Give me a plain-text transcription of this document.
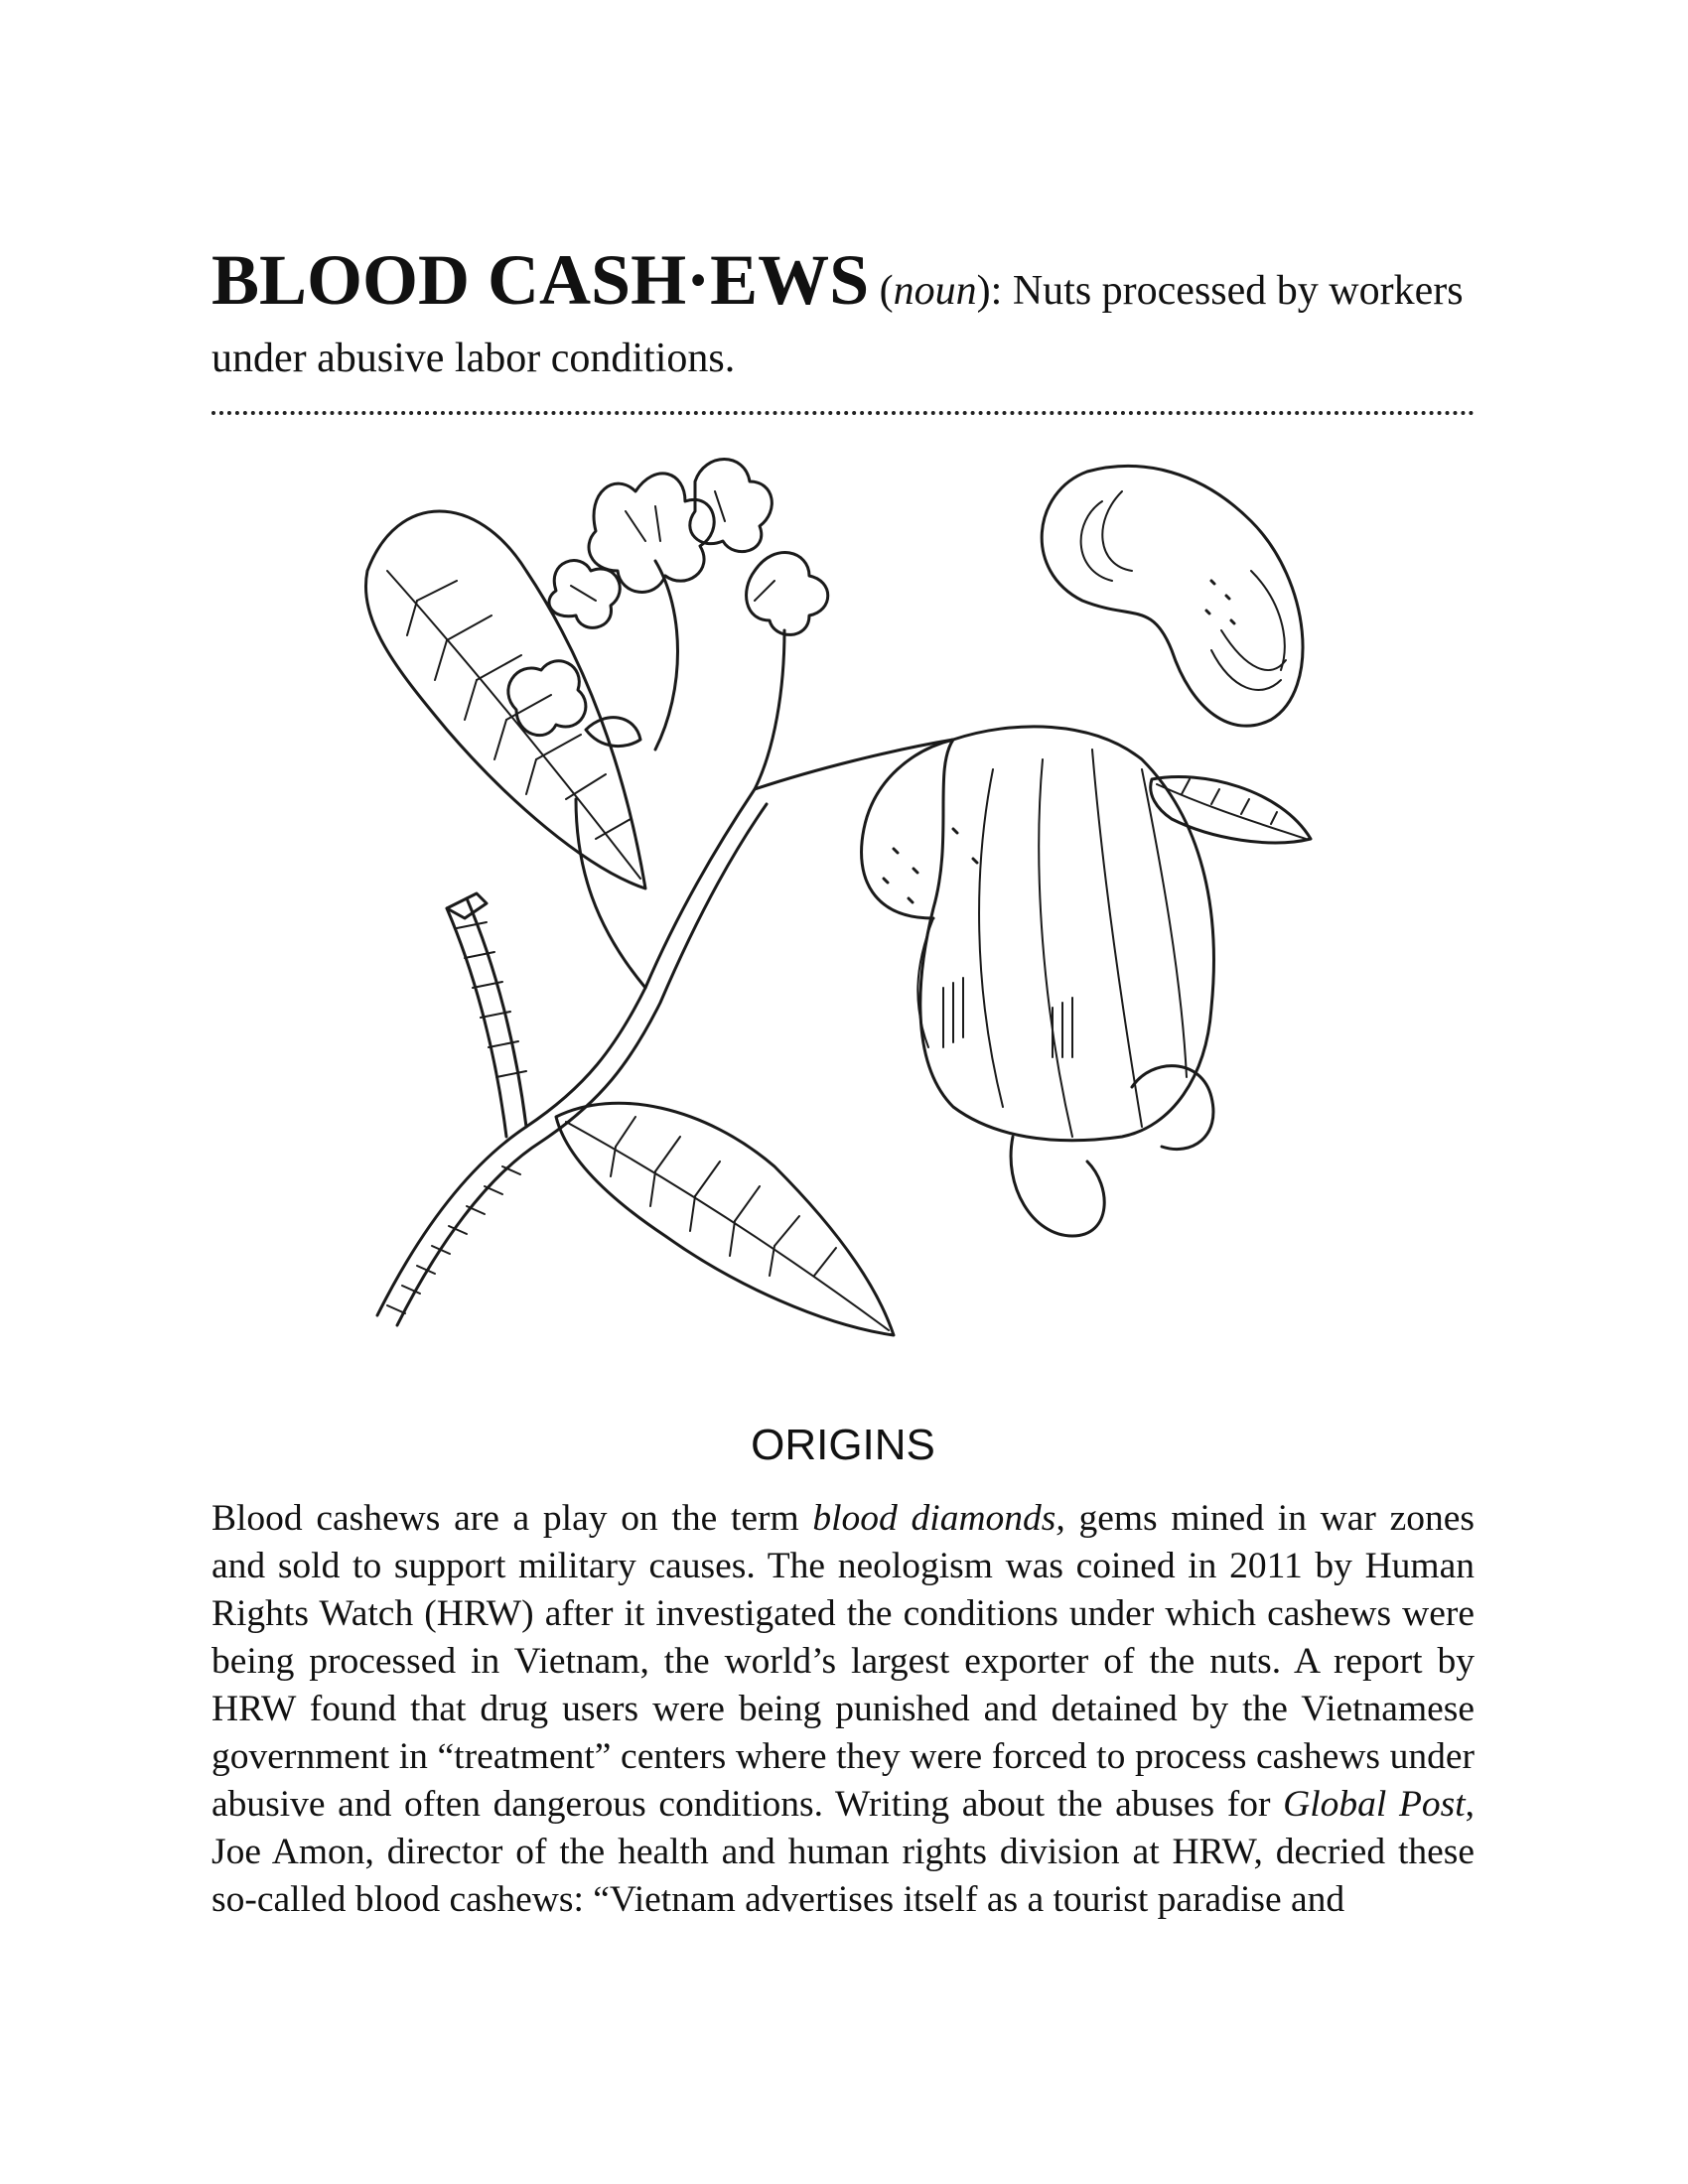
BLOOD CASH·EWS (noun): Nuts processed by workers under abusive labor conditions.

ORIGINS

Blood cashews are a play on the term blood diamonds, gems mined in war zones and sold to support military causes. The neologism was coined in 2011 by Human Rights Watch (HRW) after it investigated the conditions under which cashews were being processed in Vietnam, the world’s largest exporter of the nuts. A report by HRW found that drug users were being punished and detained by the Vietnamese government in “treatment” centers where they were forced to process cashews under abusive and often dangerous conditions. Writing about the abuses for Global Post, Joe Amon, director of the health and human rights division at HRW, decried these so-called blood cashews: “Vietnam advertises itself as a tourist paradise and
